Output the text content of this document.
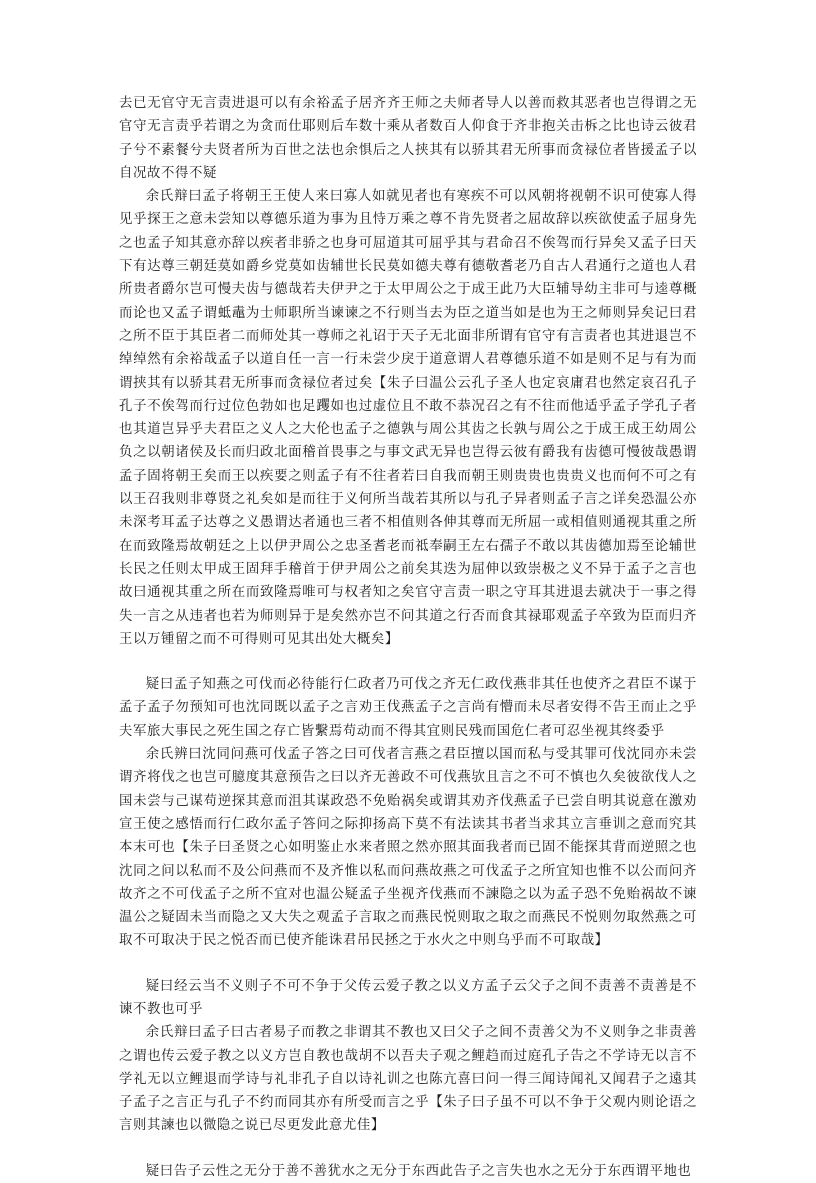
去已无官守无言责进退可以有余裕孟子居齐齐王师之夫师者导人以善而救其恶者也岂得谓之无官守无言责乎若谓之为贪而仕耶则后车数十乘从者数百人仰食于齐非抱关击柝之比也诗云彼君子兮不素餐兮夫贤者所为百世之法也余惧后之人挟其有以骄其君无所事而贪禄位者皆援孟子以自况故不得不疑

余氏辩曰孟子将朝王王使人来曰寡人如就见者也有寒疾不可以风朝将视朝不识可使寡人得见乎探王之意未尝知以尊德乐道为事为且恃万乘之尊不肯先贤者之屈故辞以疾欲使孟子屈身先之也孟子知其意亦辞以疾者非骄之也身可屈道其可屈乎其与君命召不俟驾而行异矣又孟子曰天下有达尊三朝廷莫如爵乡党莫如齿辅世长民莫如德夫尊有德敬耆老乃自古人君通行之道也人君所贵者爵尔岂可慢夫齿与德哉若夫伊尹之于太甲周公之于成王此乃大臣辅导幼主非可与逵尊概而论也又孟子谓蚳鼃为士师职所当谏谏之不行则当去为臣之道当如是也为王之师则异矣记曰君之所不臣于其臣者二而师处其一尊师之礼诏于天子无北面非所谓有官守有言责者也其进退岂不绰绰然有余裕哉孟子以道自任一言一行未尝少戾于道意谓人君尊德乐道不如是则不足与有为而谓挟其有以骄其君无所事而贪禄位者过矣【朱子曰温公云孔子圣人也定哀庸君也然定哀召孔子孔子不俟驾而行过位色勃如也足躩如也过虚位且不敢不恭况召之有不往而他适乎孟子学孔子者也其道岂异乎夫君臣之义人之大伦也孟子之德孰与周公其齿之长孰与周公之于成王成王幼周公负之以朝诸侯及长而归政北面稽首畏事之与事文武无异也岂得云彼有爵我有齿德可慢彼哉愚谓孟子固将朝王矣而王以疾要之则孟子有不往者若曰自我而朝王则贵贵也贵贵义也而何不可之有以王召我则非尊贤之礼矣如是而往于义何所当哉若其所以与孔子异者则孟子言之详矣恐温公亦未深考耳孟子达尊之义愚谓达者通也三者不相值则各伸其尊而无所屈一或相值则通视其重之所在而致隆焉故朝廷之上以伊尹周公之忠圣耆老而祗奉嗣王左右孺子不敢以其齿德加焉至论辅世长民之任则太甲成王固拜手稽首于伊尹周公之前矣其迭为屈伸以致崇极之义不异于孟子之言也故曰通视其重之所在而致隆焉唯可与权者知之矣官守言责一职之守耳其进退去就决于一事之得失一言之从违者也若为师则异于是矣然亦岂不问其道之行否而食其禄耶观孟子卒致为臣而归齐王以万锺留之而不可得则可见其出处大概矣】

疑曰孟子知燕之可伐而必待能行仁政者乃可伐之齐无仁政伐燕非其任也使齐之君臣不谋于孟子孟子勿预知可也沈同既以孟子之言劝王伐燕孟子之言尚有懵而未尽者安得不告王而止之乎夫军旅大事民之死生国之存亡皆繫焉苟动而不得其宜则民残而国危仁者可忍坐视其终委乎

余氏辨曰沈同问燕可伐孟子答之曰可伐者言燕之君臣擅以国而私与受其罪可伐沈同亦未尝谓齐将伐之也岂可臆度其意预告之曰以齐无善政不可伐燕欤且言之不可不慎也久矣彼欲伐人之国未尝与己谋苟逆探其意而沮其谋政恐不免贻祸矣或谓其劝齐伐燕孟子已尝自明其说意在激劝宣王使之感悟而行仁政尔孟子答问之际抑扬高下莫不有法读其书者当求其立言垂训之意而究其本末可也【朱子曰圣贤之心如明鉴止水来者照之然亦照其面我者而已固不能探其背而逆照之也沈同之问以私而不及公问燕而不及齐惟以私而问燕故燕之可伐孟子之所宜知也惟不以公而问齐故齐之不可伐孟子之所不宜对也温公疑孟子坐视齐伐燕而不諫隐之以为孟子恐不免贻祸故不谏温公之疑固未当而隐之又大失之观孟子言取之而燕民悦则取之取之而燕民不悦则勿取然燕之可取不可取决于民之悦否而已使齐能诛君吊民拯之于水火之中则乌乎而不可取哉】

疑曰经云当不义则子不可不争于父传云爱子教之以义方孟子云父子之间不责善不责善是不谏不教也可乎

余氏辩曰孟子曰古者易子而教之非谓其不教也又曰父子之间不责善父为不义则争之非责善之谓也传云爱子教之以义方岂自教也哉胡不以吾夫子观之鲤趋而过庭孔子告之不学诗无以言不学礼无以立鲤退而学诗与礼非孔子自以诗礼训之也陈亢喜曰问一得三闻诗闻礼又闻君子之遠其子孟子之言正与孔子不约而同其亦有所受而言之乎【朱子曰子虽不可以不争于父观内则论语之言则其諫也以微隐之说已尽更发此意尤佳】

疑曰告子云性之无分于善不善犹水之无分于东西此告子之言失也水之无分于东西谓平地也
